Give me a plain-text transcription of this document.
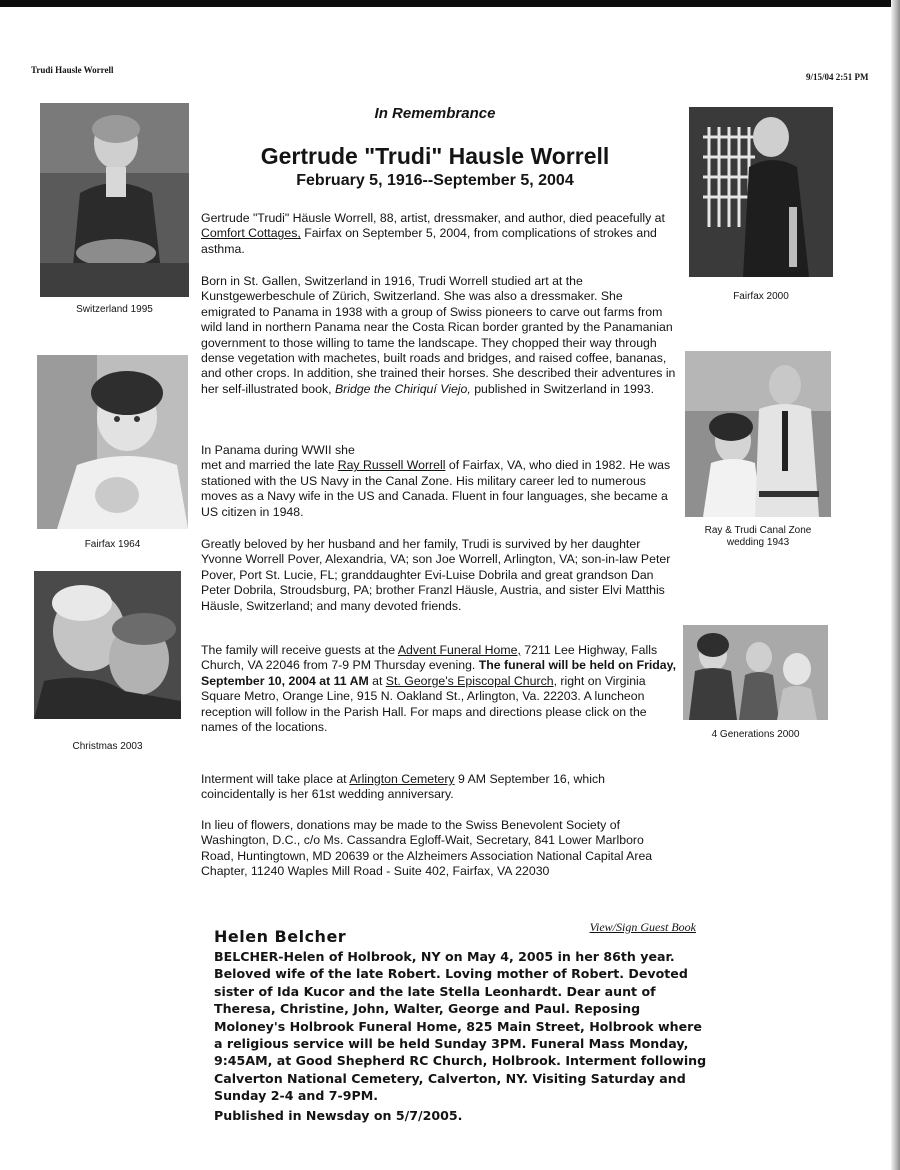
Trudi Hausle Worrell
9/15/04 2:51 PM
Switzerland 1995
Fairfax 1964
Christmas 2003
Fairfax 2000
Ray & Trudi Canal Zone
wedding 1943
4 Generations 2000
In Remembrance
Gertrude "Trudi" Hausle Worrell
February 5, 1916--September 5, 2004

Gertrude "Trudi" Häusle Worrell, 88, artist, dressmaker, and author, died peacefully at Comfort Cottages, Fairfax on September 5, 2004, from complications of strokes and asthma.

Born in St. Gallen, Switzerland in 1916, Trudi Worrell studied art at the Kunstgewerbeschule of Zürich, Switzerland. She was also a dressmaker. She emigrated to Panama in 1938 with a group of Swiss pioneers to carve out farms from wild land in northern Panama near the Costa Rican border granted by the Panamanian government to those willing to tame the landscape. They chopped their way through dense vegetation with machetes, built roads and bridges, and raised coffee, bananas, and other crops. In addition, she trained their horses. She described their adventures in her self-illustrated book, Bridge the Chiriquí Viejo, published in Switzerland in 1993.

In Panama during WWII she
met and married the late Ray Russell Worrell of Fairfax, VA, who died in 1982. He was stationed with the US Navy in the Canal Zone. His military career led to numerous moves as a Navy wife in the US and Canada. Fluent in four languages, she became a US citizen in 1948.

Greatly beloved by her husband and her family, Trudi is survived by her daughter Yvonne Worrell Pover, Alexandria, VA; son Joe Worrell, Arlington, VA; son-in-law Peter Pover, Port St. Lucie, FL; granddaughter Evi-Luise Dobrila and great grandson Dan Peter Dobrila, Stroudsburg, PA; brother Franzl Häusle, Austria, and sister Elvi Matthis Häusle, Switzerland; and many devoted friends.

The family will receive guests at the Advent Funeral Home, 7211 Lee Highway, Falls Church, VA 22046 from 7-9 PM Thursday evening. The funeral will be held on Friday, September 10, 2004 at 11 AM at St. George's Episcopal Church, right on Virginia Square Metro, Orange Line, 915 N. Oakland St., Arlington, Va. 22203. A luncheon reception will follow in the Parish Hall. For maps and directions please click on the names of the locations.

Interment will take place at Arlington Cemetery 9 AM September 16, which coincidentally is her 61st wedding anniversary.

In lieu of flowers, donations may be made to the Swiss Benevolent Society of Washington, D.C., c/o Ms. Cassandra Egloff-Wait, Secretary, 841 Lower Marlboro Road, Huntingtown, MD 20639 or the Alzheimers Association National Capital Area Chapter, 11240 Waples Mill Road - Suite 402, Fairfax, VA 22030

Helen Belcher	View/Sign Guest Book

BELCHER-Helen of Holbrook, NY on May 4, 2005 in her 86th year. Beloved wife of the late Robert. Loving mother of Robert. Devoted sister of Ida Kucor and the late Stella Leonhardt. Dear aunt of Theresa, Christine, John, Walter, George and Paul. Reposing Moloney's Holbrook Funeral Home, 825 Main Street, Holbrook where a religious service will be held Sunday 3PM. Funeral Mass Monday, 9:45AM, at Good Shepherd RC Church, Holbrook. Interment following Calverton National Cemetery, Calverton, NY. Visiting Saturday and Sunday 2-4 and 7-9PM.

Published in Newsday on 5/7/2005.
